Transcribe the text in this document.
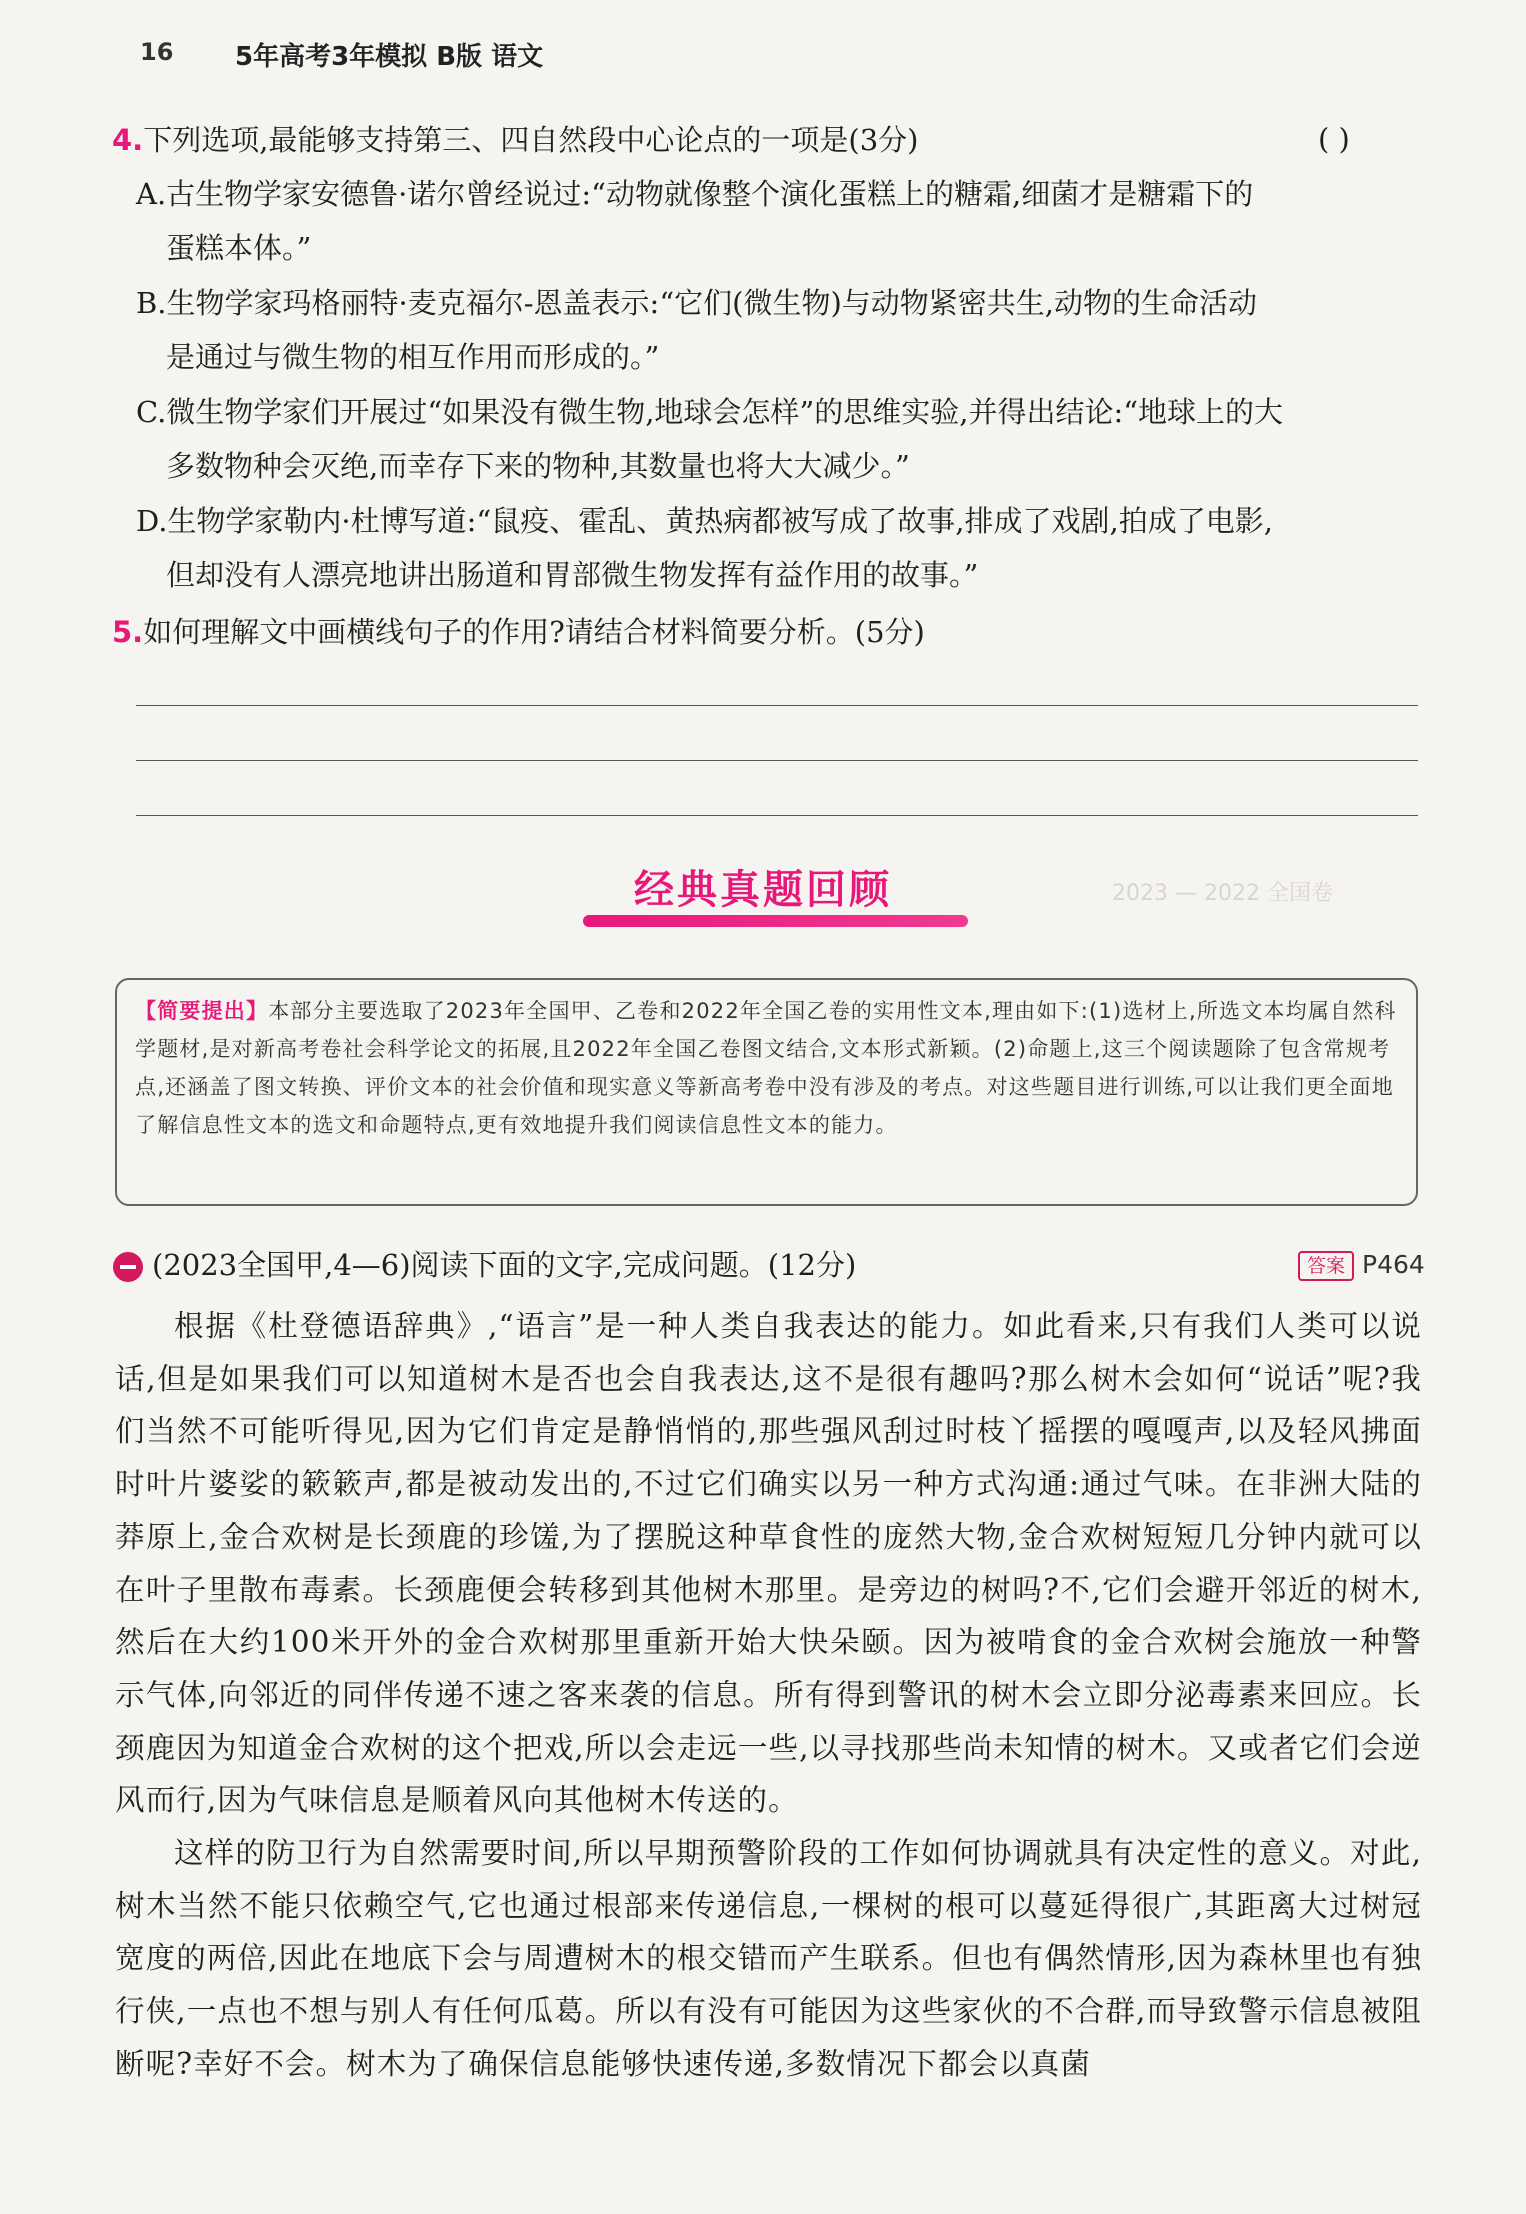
16 5年高考3年模拟 B版 语文
4.下列选项,最能够支持第三、四自然段中心论点的一项是(3分)	( )
A.古生物学家安德鲁·诺尔曾经说过:“动物就像整个演化蛋糕上的糖霜,细菌才是糖霜下的
蛋糕本体。”
B.生物学家玛格丽特·麦克福尔-恩盖表示:“它们(微生物)与动物紧密共生,动物的生命活动
是通过与微生物的相互作用而形成的。”
C.微生物学家们开展过“如果没有微生物,地球会怎样”的思维实验,并得出结论:“地球上的大
多数物种会灭绝,而幸存下来的物种,其数量也将大大减少。”
D.生物学家勒内·杜博写道:“鼠疫、霍乱、黄热病都被写成了故事,排成了戏剧,拍成了电影,
但却没有人漂亮地讲出肠道和胃部微生物发挥有益作用的故事。”
5.如何理解文中画横线句子的作用?请结合材料简要分析。(5分)
经典真题回顾	2023 — 2022 全国卷
【简要提出】本部分主要选取了2023年全国甲、乙卷和2022年全国乙卷的实用性文本,理由如下:(1)选材上,所选文本均属自然科学题材,是对新高考卷社会科学论文的拓展,且2022年全国乙卷图文结合,文本形式新颖。(2)命题上,这三个阅读题除了包含常规考点,还涵盖了图文转换、评价文本的社会价值和现实意义等新高考卷中没有涉及的考点。对这些题目进行训练,可以让我们更全面地了解信息性文本的选文和命题特点,更有效地提升我们阅读信息性文本的能力。
(2023全国甲,4—6)阅读下面的文字,完成问题。(12分)	答案 P464

根据《杜登德语辞典》,“语言”是一种人类自我表达的能力。如此看来,只有我们人类可以说话,但是如果我们可以知道树木是否也会自我表达,这不是很有趣吗?那么树木会如何“说话”呢?我们当然不可能听得见,因为它们肯定是静悄悄的,那些强风刮过时枝丫摇摆的嘎嘎声,以及轻风拂面时叶片婆娑的簌簌声,都是被动发出的,不过它们确实以另一种方式沟通:通过气味。在非洲大陆的莽原上,金合欢树是长颈鹿的珍馐,为了摆脱这种草食性的庞然大物,金合欢树短短几分钟内就可以在叶子里散布毒素。长颈鹿便会转移到其他树木那里。是旁边的树吗?不,它们会避开邻近的树木,然后在大约100米开外的金合欢树那里重新开始大快朵颐。因为被啃食的金合欢树会施放一种警示气体,向邻近的同伴传递不速之客来袭的信息。所有得到警讯的树木会立即分泌毒素来回应。长颈鹿因为知道金合欢树的这个把戏,所以会走远一些,以寻找那些尚未知情的树木。又或者它们会逆风而行,因为气味信息是顺着风向其他树木传送的。

这样的防卫行为自然需要时间,所以早期预警阶段的工作如何协调就具有决定性的意义。对此,树木当然不能只依赖空气,它也通过根部来传递信息,一棵树的根可以蔓延得很广,其距离大过树冠宽度的两倍,因此在地底下会与周遭树木的根交错而产生联系。但也有偶然情形,因为森林里也有独行侠,一点也不想与别人有任何瓜葛。所以有没有可能因为这些家伙的不合群,而导致警示信息被阻断呢?幸好不会。树木为了确保信息能够快速传递,多数情况下都会以真菌
